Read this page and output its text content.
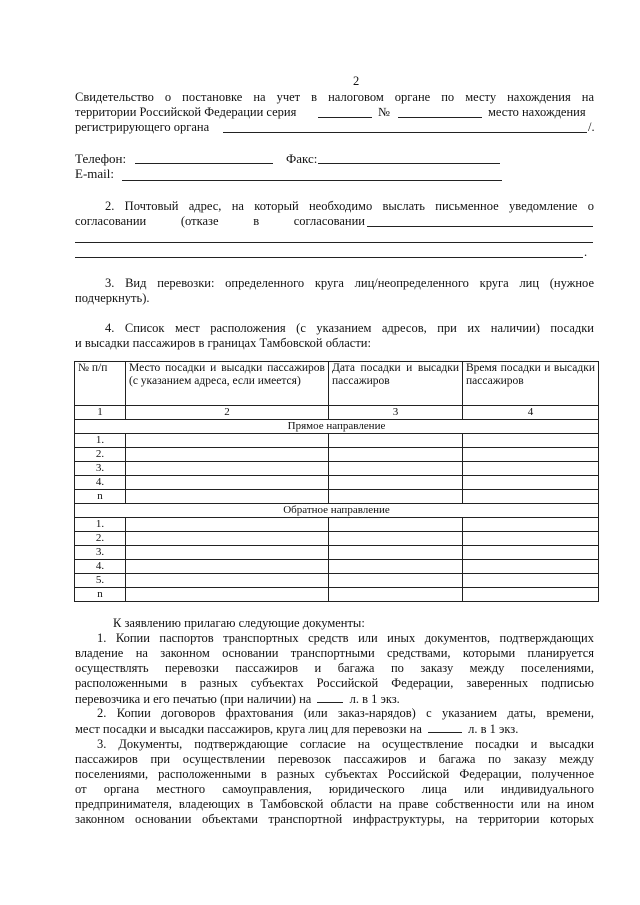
2
Свидетельство о постановке на учет в налоговом органе по месту нахождения на
территории Российской Федерации серия	№	место нахождения
регистрирующего органа	/.
Телефон:	Факс:
E-mail:
2. Почтовый адрес, на который необходимо выслать письменное уведомление о
согласовании (отказе в согласовании
.
3. Вид перевозки: определенного круга лиц/неопределенного круга лиц (нужное
подчеркнуть).
4. Список мест расположения (с указанием адресов, при их наличии) посадки
и высадки пассажиров в границах Тамбовской области:
№ п/п	Место посадки и высадки пассажиров (с указанием адреса, если имеется)	Дата посадки и высадки пассажиров	Время посадки и высадки пассажиров
1	2	3	4
Прямое направление			
1.			
2.			
3.			
4.			
n			
Обратное направление			
1.			
2.			
3.			
4.			
5.			
n			
К заявлению прилагаю следующие документы:
1. Копии паспортов транспортных средств или иных документов, подтверждающих
владение на законном основании транспортными средствами, которыми планируется
осуществлять перевозки пассажиров и багажа по заказу между поселениями,
расположенными в разных субъектах Российской Федерации, заверенных подписью
перевозчика и его печатью (при наличии) на	л. в 1 экз.
2. Копии договоров фрахтования (или заказ-нарядов) с указанием даты, времени,
мест посадки и высадки пассажиров, круга лиц для перевозки на	л. в 1 экз.
3. Документы, подтверждающие согласие на осуществление посадки и высадки
пассажиров при осуществлении перевозок пассажиров и багажа по заказу между
поселениями, расположенными в разных субъектах Российской Федерации, полученное
от органа местного самоуправления, юридического лица или индивидуального
предпринимателя, владеющих в Тамбовской области на праве собственности или на ином
законном основании объектами транспортной инфраструктуры, на территории которых
